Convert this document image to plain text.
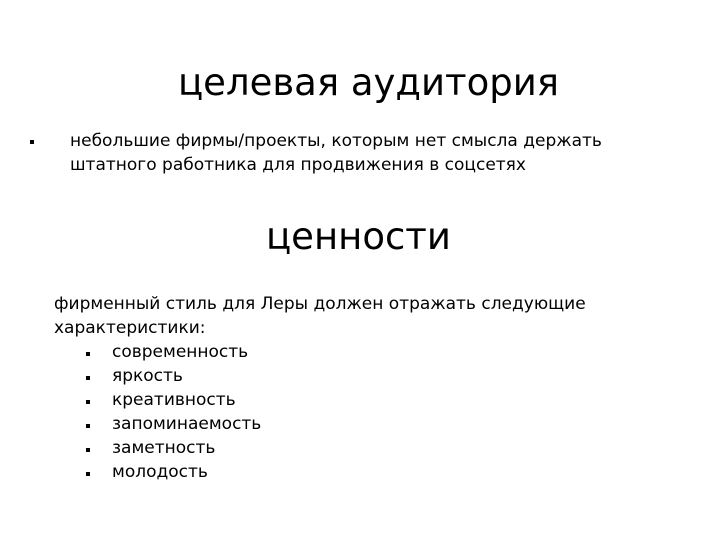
целевая аудитория
небольшие фирмы/проекты, которым нет смысла держать штатного работника для продвижения в соцсетях
ценности
фирменный стиль для Леры должен отражать следующие характеристики:
современность
яркость
креативность
запоминаемость
заметность
молодость
